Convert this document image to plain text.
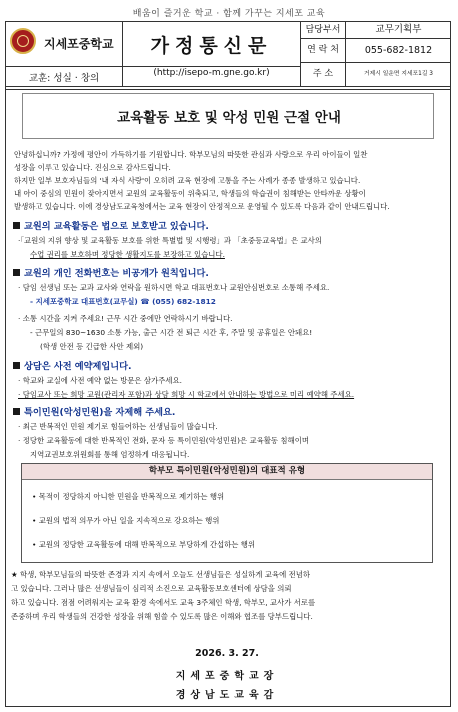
배움이 즐거운 학교 · 함께 가꾸는 지세포 교육
지세포중학교	가정통신문
교훈: 성실 · 창의	(http://isepo-m.gne.go.kr)
담당부서	교무기획부
연 락 처	055-682-1812
주 소	거제시 일운면 지세포1길 3
교육활동 보호 및 악성 민원 근절 안내
안녕하십니까? 가정에 평안이 가득하기를 기원합니다. 학부모님의 따뜻한 관심과 사랑으로 우리 아이들이 일찬
성장을 이루고 있습니다. 진심으로 감사드립니다.
하지만 일부 보호자님들의 '내 자식 사랑'이 오히려 교육 현장에 고통을 주는 사례가 종종 발생하고 있습니다.
내 아이 중심의 민원이 잦아지면서 교원의 교육활동이 위축되고, 학생들의 학습권이 침해받는 안타까운 상황이
발생하고 있습니다. 이에 경상남도교육청에서는 교육 현장이 안정적으로 운영될 수 있도록 다음과 같이 안내드립니다.
교원의 교육활동은 법으로 보호받고 있습니다.
·「교원의 지위 향상 및 교육활동 보호를 위한 특별법 및 시행령」과 「초중등교육법」은 교사의
수업 권리를 보호하며 정당한 생활지도를 보장하고 있습니다.
교원의 개인 전화번호는 비공개가 원칙입니다.
· 담임 선생님 또는 교과 교사와 연락을 원하시면 학교 대표번호나 교원안심번호로 소통해 주세요.
- 지세포중학교 대표번호(교무실) ☎ (055) 682-1812
· 소통 시간을 지켜 주세요! 근무 시간 중에만 연락하시기 바랍니다.
- 근무일의 830~1630 소통 가능, 출근 시간 전 퇴근 시간 후, 주말 및 공휴일은 안돼요!
(학생 안전 등 긴급한 사안 제외)
상담은 사전 예약제입니다.
· 학교와 교실에 사전 예약 없는 방문은 삼가주세요.
· 담임교사 또는 희망 교원(관리자 포함)과 상담 희망 시 학교에서 안내하는 방법으로 미리 예약해 주세요.
특이민원(악성민원)을 자제해 주세요.
· 최근 반복적인 민원 제기로 힘들어하는 선생님들이 많습니다.
· 정당한 교육활동에 대한 반복적인 전화, 문자 등 특이민원(악성민원)은 교육활동 침해이며
지역교권보호위원회를 통해 엄정하게 대응됩니다.
학부모 특이민원(악성민원)의 대표적 유형
• 목적이 정당하지 아니한 민원을 반복적으로 제기하는 행위
• 교원의 법적 의무가 아닌 일을 지속적으로 강요하는 행위
• 교원의 정당한 교육활동에 대해 반복적으로 부당하게 간섭하는 행위
★ 학생, 학부모님들의 따뜻한 존경과 지지 속에서 오늘도 선생님들은 성실하게 교육에 전념하
고 있습니다. 그러나 많은 선생님들이 심리적 소진으로 교육활동보호센터에 상담을 의뢰
하고 있습니다. 점점 어려워지는 교육 환경 속에서도 교육 3주체인 학생, 학부모, 교사가 서로를
존중하며 우리 학생들의 건강한 성장을 위해 힘쓸 수 있도록 많은 이해와 협조를 당부드립니다.
2026. 3. 27.
지세포중학교장
경상남도교육감
